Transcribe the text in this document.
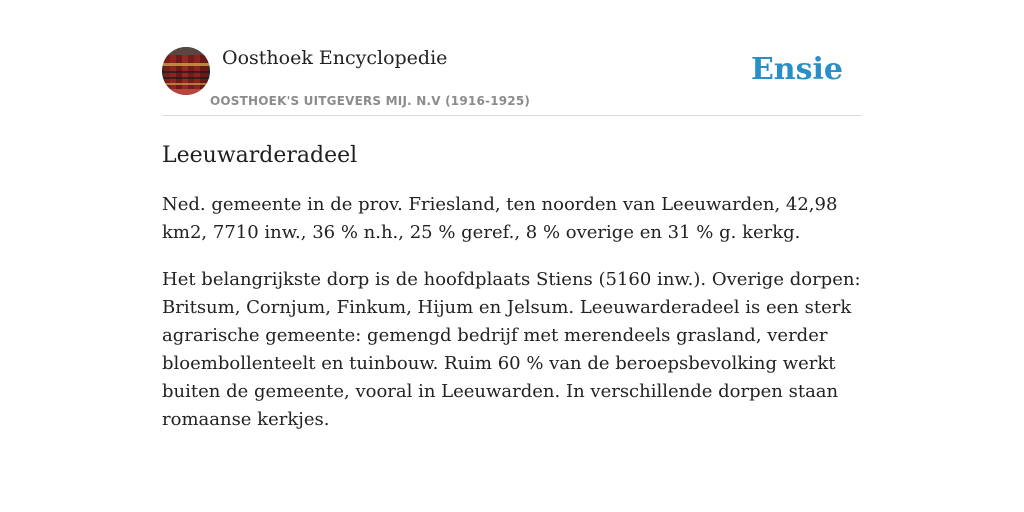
Oosthoek Encyclopedie
OOSTHOEK'S UITGEVERS MIJ. N.V (1916-1925)
Ensie
Leeuwarderadeel

Ned. gemeente in de prov. Friesland, ten noorden van Leeuwarden, 42,98 km2, 7710 inw., 36 % n.h., 25 % geref., 8 % overige en 31 % g. kerkg.

Het belangrijkste dorp is de hoofdplaats Stiens (5160 inw.). Overige dorpen: Britsum, Cornjum, Finkum, Hijum en Jelsum. Leeuwarderadeel is een sterk agrarische gemeente: gemengd bedrijf met merendeels grasland, verder bloembollenteelt en tuinbouw. Ruim 60 % van de beroepsbevolking werkt buiten de gemeente, vooral in Leeuwarden. In verschillende dorpen staan romaanse kerkjes.
